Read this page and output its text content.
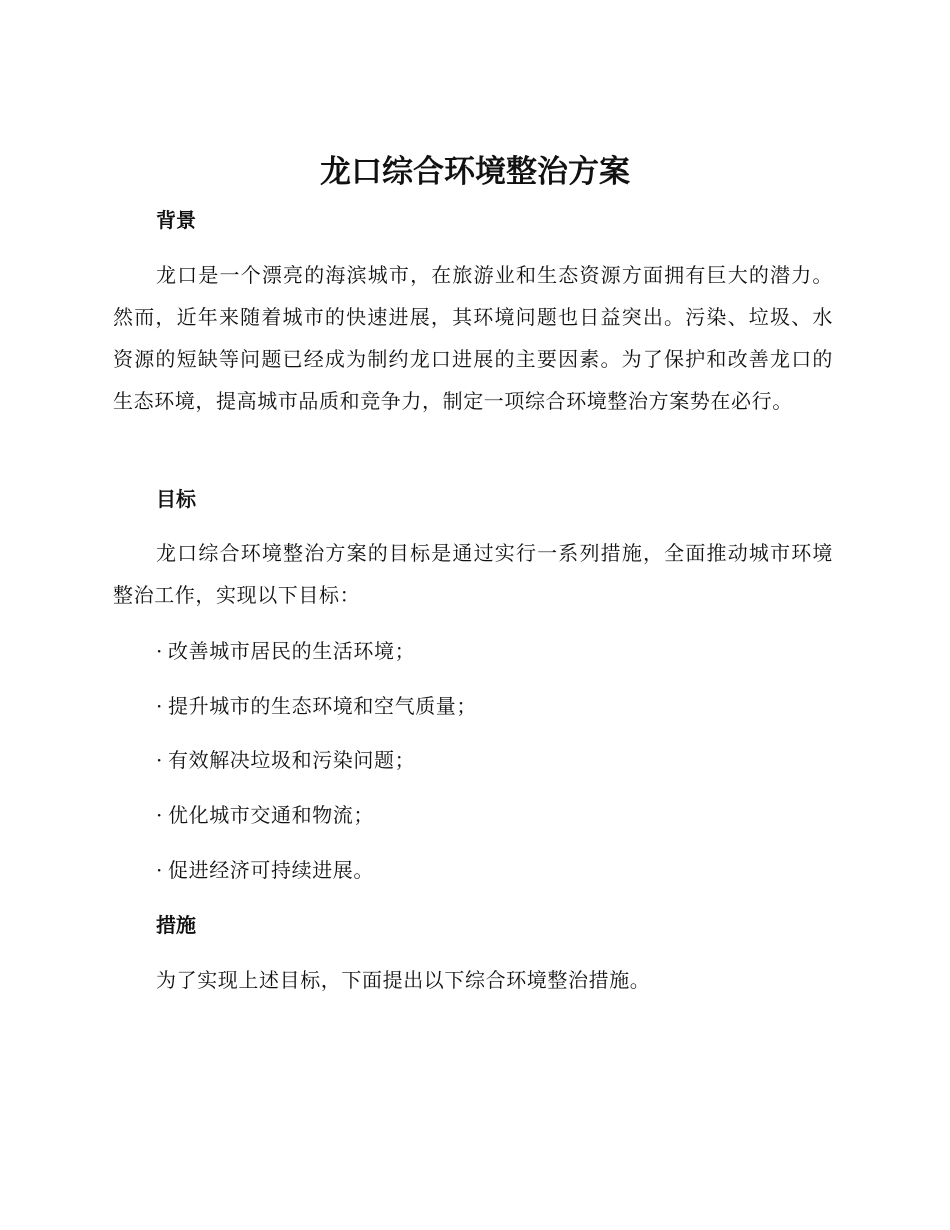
龙口综合环境整治方案
背景
龙口是一个漂亮的海滨城市，在旅游业和生态资源方面拥有巨大的潜力。然而，近年来随着城市的快速进展，其环境问题也日益突出。污染、垃圾、水资源的短缺等问题已经成为制约龙口进展的主要因素。为了保护和改善龙口的生态环境，提高城市品质和竞争力，制定一项综合环境整治方案势在必行。
目标
龙口综合环境整治方案的目标是通过实行一系列措施，全面推动城市环境整治工作，实现以下目标：
· 改善城市居民的生活环境；
· 提升城市的生态环境和空气质量；
· 有效解决垃圾和污染问题；
· 优化城市交通和物流；
· 促进经济可持续进展。
措施
为了实现上述目标，下面提出以下综合环境整治措施。
